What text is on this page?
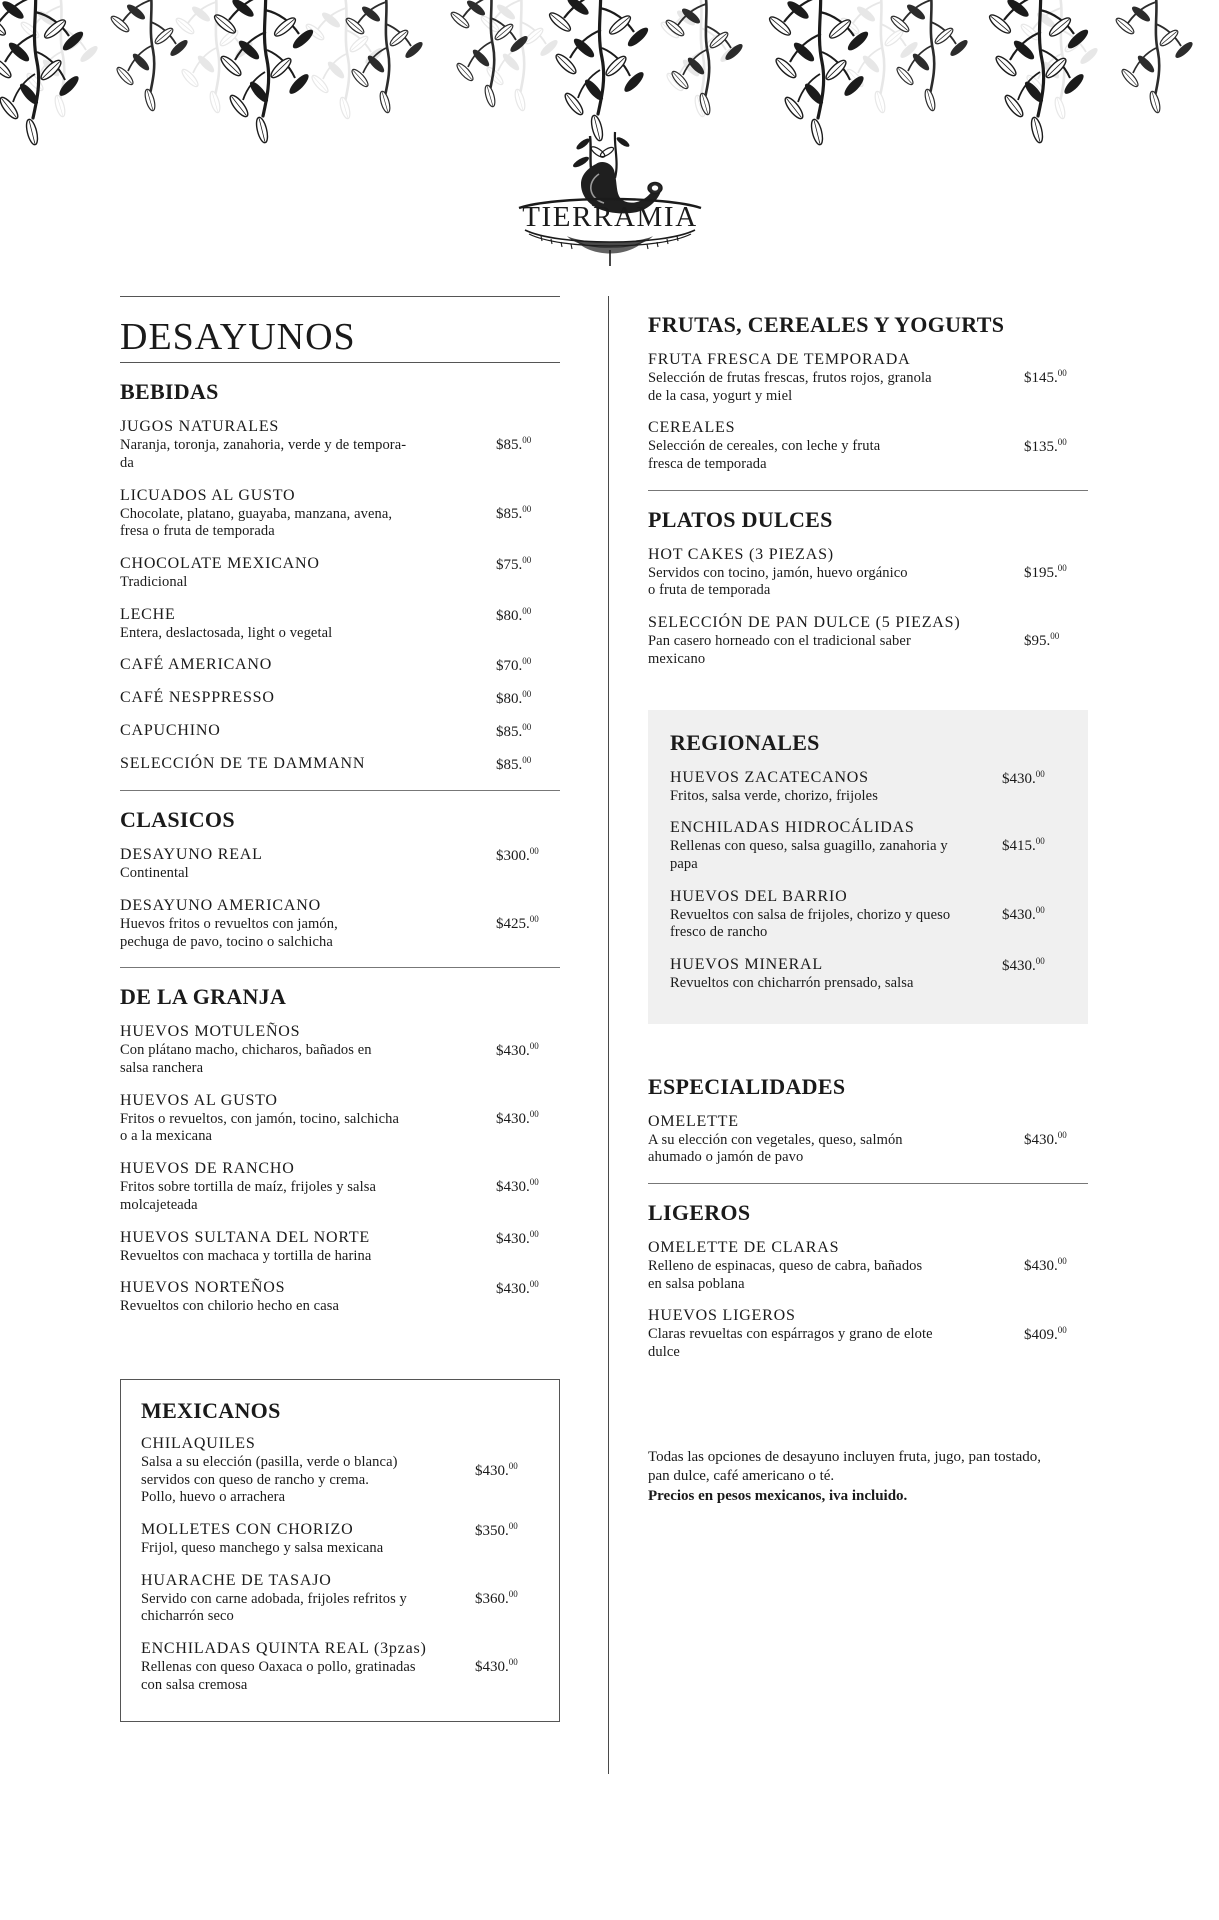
TIERRAMIA
desayunos
BEBIDAS
JUGOS NATURALES
Naranja, toronja, zanahoria, verde y de tempora-
da
$85.00
LICUADOS AL GUSTO
Chocolate, platano, guayaba, manzana, avena,
fresa o fruta de temporada
$85.00
CHOCOLATE MEXICANO
Tradicional
$75.00
LECHE
Entera, deslactosada, light o vegetal
$80.00
CAFÉ AMERICANO	$70.00
CAFÉ NESPPRESSO	$80.00
CAPUCHINO	$85.00
SELECCIÓN DE TE DAMMANN	$85.00
CLASICOS
DESAYUNO REAL
Continental
$300.00
DESAYUNO AMERICANO
Huevos fritos o revueltos con jamón,
pechuga de pavo, tocino o salchicha
$425.00
DE LA GRANJA
HUEVOS MOTULEÑOS
Con plátano macho, chicharos, bañados en
salsa ranchera
$430.00
HUEVOS AL GUSTO
Fritos o revueltos, con jamón, tocino, salchicha
o a la mexicana
$430.00
HUEVOS DE RANCHO
Fritos sobre tortilla de maíz, frijoles y salsa
molcajeteada
$430.00
HUEVOS SULTANA DEL NORTE
Revueltos con machaca y tortilla de harina
$430.00
HUEVOS NORTEÑOS
Revueltos con chilorio hecho en casa
$430.00
MEXICANOS
CHILAQUILES
Salsa a su elección (pasilla, verde o blanca)
servidos con queso de rancho y crema.
Pollo, huevo o arrachera
$430.00
MOLLETES CON CHORIZO
Frijol, queso manchego y salsa mexicana
$350.00
HUARACHE DE TASAJO
Servido con carne adobada, frijoles refritos y
chicharrón seco
$360.00
ENCHILADAS QUINTA REAL (3pzas)
Rellenas con queso Oaxaca o pollo, gratinadas
con salsa cremosa
$430.00
FRUTAS, CEREALES Y YOGURTS
FRUTA FRESCA DE TEMPORADA
Selección de frutas frescas, frutos rojos, granola
de la casa, yogurt y miel
$145.00
CEREALES
Selección de cereales, con leche y fruta
fresca de temporada
$135.00
PLATOS DULCES
HOT CAKES (3 PIEZAS)
Servidos con tocino, jamón, huevo orgánico
o fruta de temporada
$195.00
SELECCIÓN DE PAN DULCE (5 PIEZAS)
Pan casero horneado con el tradicional saber
mexicano
$95.00
REGIONALES
HUEVOS ZACATECANOS
Fritos, salsa verde, chorizo, frijoles
$430.00
ENCHILADAS HIDROCÁLIDAS
Rellenas con queso, salsa guagillo, zanahoria y
papa
$415.00
HUEVOS DEL BARRIO
Revueltos con salsa de frijoles, chorizo y queso
fresco de rancho
$430.00
HUEVOS MINERAL
Revueltos con chicharrón prensado, salsa
$430.00
ESPECIALIDADES
OMELETTE
A su elección con vegetales, queso, salmón
ahumado o jamón de pavo
$430.00
LIGEROS
OMELETTE DE CLARAS
Relleno de espinacas, queso de cabra, bañados
en salsa poblana
$430.00
HUEVOS LIGEROS
Claras revueltas con espárragos y grano de elote
dulce
$409.00
Todas las opciones de desayuno incluyen fruta, jugo, pan tostado,
pan dulce, café americano o té.
Precios en pesos mexicanos, iva incluido.
